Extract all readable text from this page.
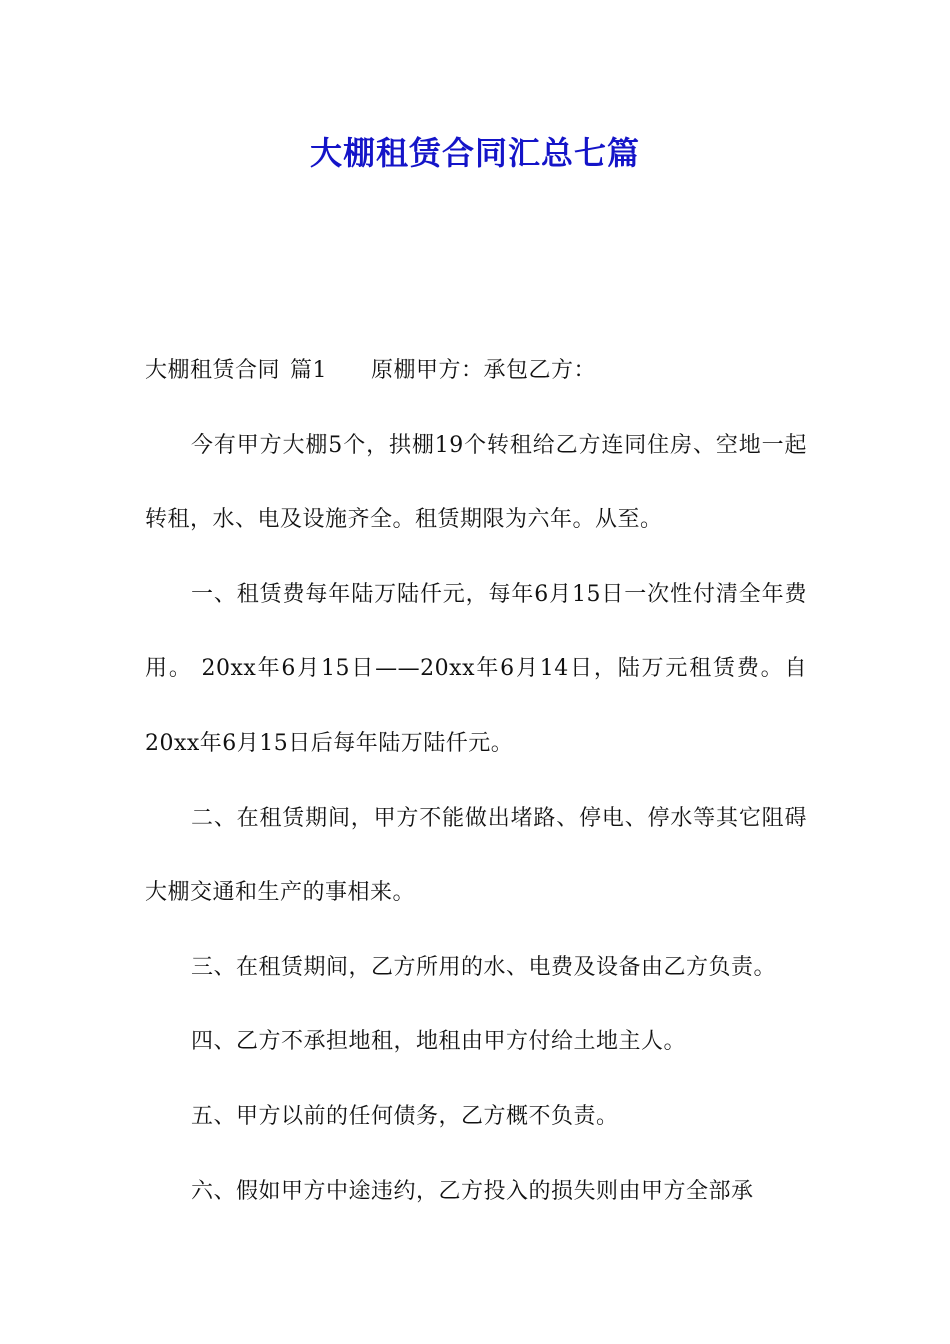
大棚租赁合同汇总七篇

大棚租赁合同 篇1 原棚甲方：承包乙方：

今有甲方大棚5个，拱棚19个转租给乙方连同住房、空地一起转租，水、电及设施齐全。租赁期限为六年。从至。

一、租赁费每年陆万陆仟元，每年6月15日一次性付清全年费用。 20xx年6月15日——20xx年6月14日，陆万元租赁费。自20xx年6月15日后每年陆万陆仟元。

二、在租赁期间，甲方不能做出堵路、停电、停水等其它阻碍大棚交通和生产的事相来。

三、在租赁期间，乙方所用的水、电费及设备由乙方负责。

四、乙方不承担地租，地租由甲方付给土地主人。

五、甲方以前的任何债务，乙方概不负责。

六、假如甲方中途违约，乙方投入的损失则由甲方全部承
